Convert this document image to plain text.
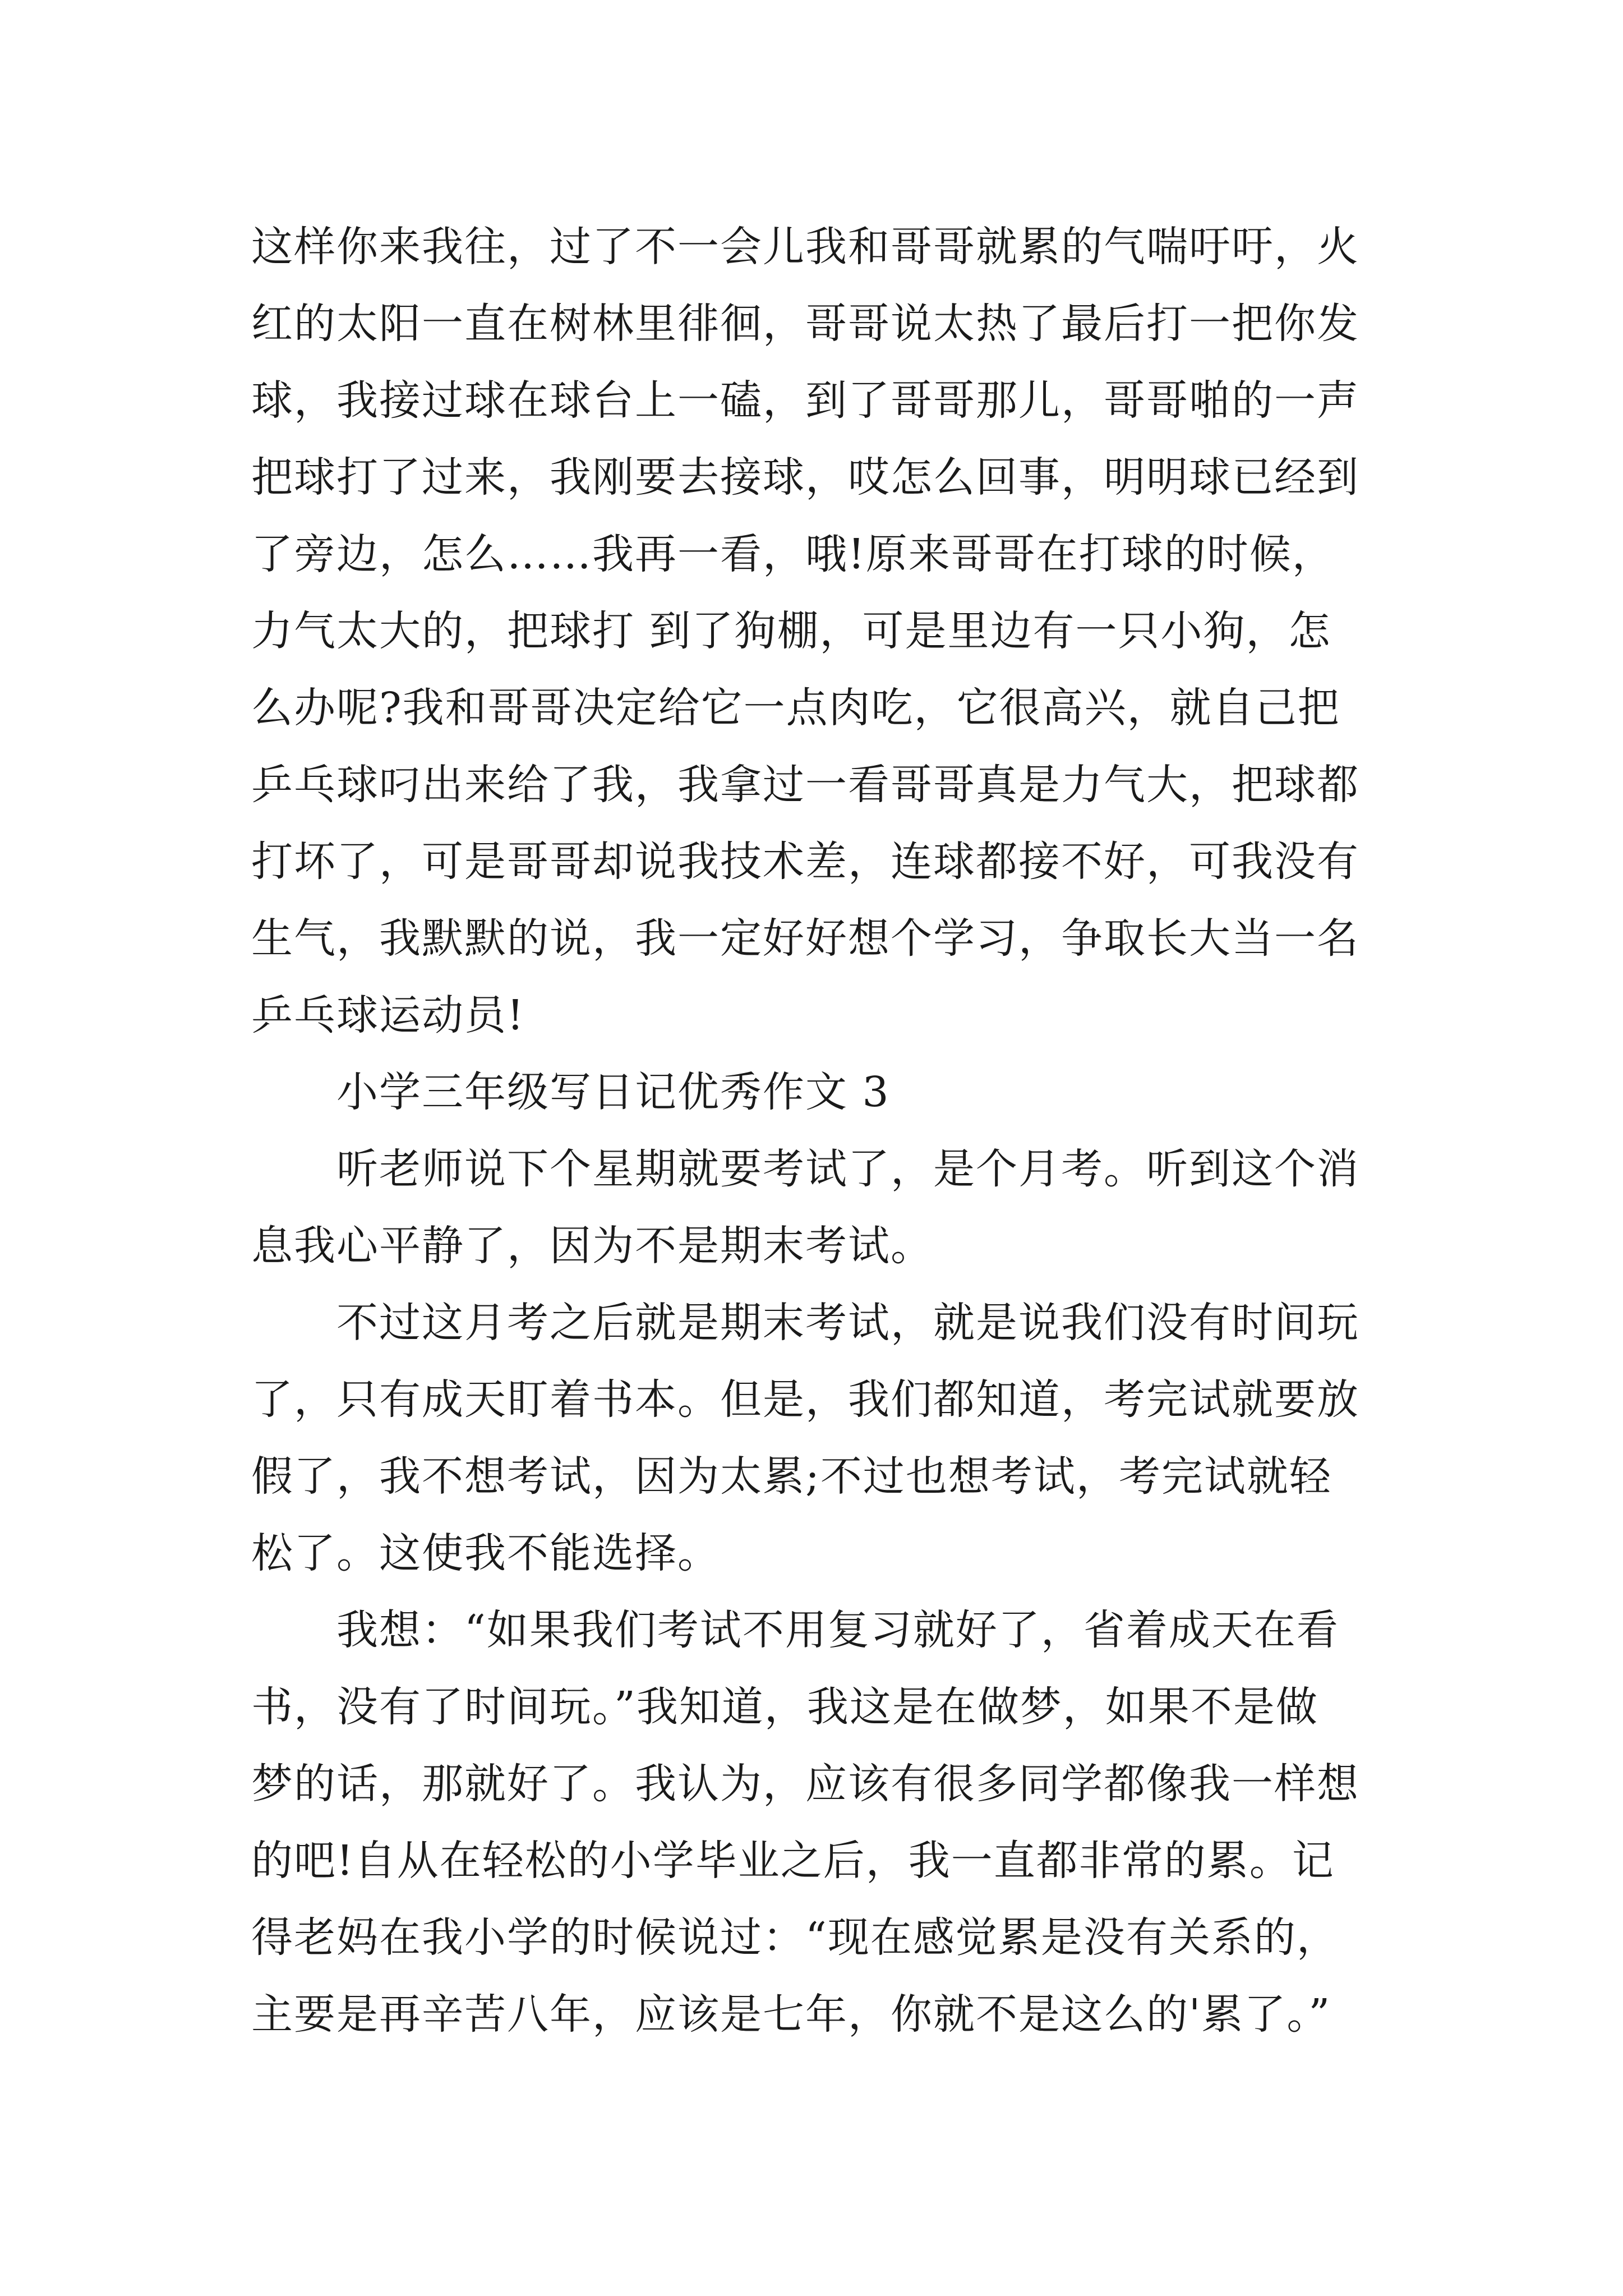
这样你来我往，过了不一会儿我和哥哥就累的气喘吁吁，火
红的太阳一直在树林里徘徊，哥哥说太热了最后打一把你发
球，我接过球在球台上一磕，到了哥哥那儿，哥哥啪的一声
把球打了过来，我刚要去接球，哎怎么回事，明明球已经到
了旁边，怎么……我再一看，哦!原来哥哥在打球的时候，
力气太大的，把球打 到了狗棚，可是里边有一只小狗，怎
么办呢?我和哥哥决定给它一点肉吃，它很高兴，就自己把
乒乓球叼出来给了我，我拿过一看哥哥真是力气大，把球都
打坏了，可是哥哥却说我技术差，连球都接不好，可我没有
生气，我默默的说，我一定好好想个学习，争取长大当一名
乒乓球运动员!
小学三年级写日记优秀作文 3
听老师说下个星期就要考试了，是个月考。听到这个消
息我心平静了，因为不是期末考试。
不过这月考之后就是期末考试，就是说我们没有时间玩
了，只有成天盯着书本。但是，我们都知道，考完试就要放
假了，我不想考试，因为太累;不过也想考试，考完试就轻
松了。这使我不能选择。
我想：“如果我们考试不用复习就好了，省着成天在看
书，没有了时间玩。”我知道，我这是在做梦，如果不是做
梦的话，那就好了。我认为，应该有很多同学都像我一样想
的吧!自从在轻松的小学毕业之后，我一直都非常的累。记
得老妈在我小学的时候说过：“现在感觉累是没有关系的，
主要是再辛苦八年，应该是七年，你就不是这么的'累了。”
